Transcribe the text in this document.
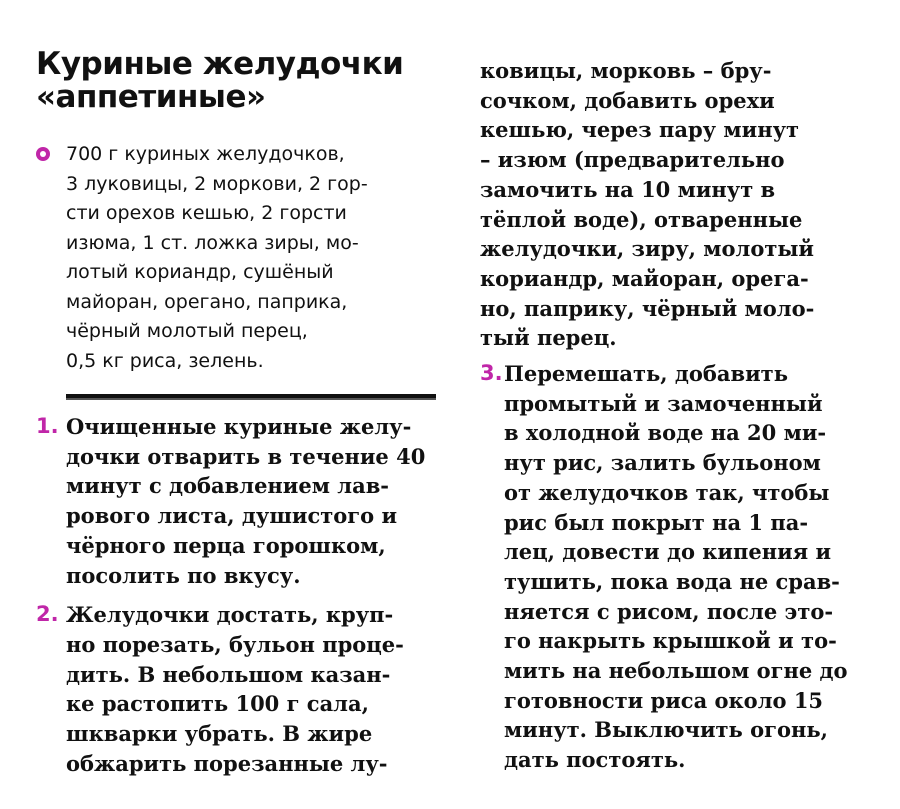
Куриные желудочки
«аппетиные»
700 г куриных желудочков,
3 луковицы, 2 моркови, 2 гор-
сти орехов кешью, 2 горсти
изюма, 1 ст. ложка зиры, мо-
лотый кориандр, сушёный
майоран, орегано, паприка,
чёрный молотый перец,
0,5 кг риса, зелень.
1. Очищенные куриные желу-
дочки отварить в течение 40
минут с добавлением лав-
рового листа, душистого и
чёрного перца горошком,
посолить по вкусу.
2. Желудочки достать, круп-
но порезать, бульон проце-
дить. В небольшом казан-
ке растопить 100 г сала,
шкварки убрать. В жире
обжарить порезанные лу-
ковицы, морковь – бру-
сочком, добавить орехи
кешью, через пару минут
– изюм (предварительно
замочить на 10 минут в
тёплой воде), отваренные
желудочки, зиру, молотый
кориандр, майоран, орега-
но, паприку, чёрный моло-
тый перец.
3. Перемешать, добавить
промытый и замоченный
в холодной воде на 20 ми-
нут рис, залить бульоном
от желудочков так, чтобы
рис был покрыт на 1 па-
лец, довести до кипения и
тушить, пока вода не срав-
няется с рисом, после это-
го накрыть крышкой и то-
мить на небольшом огне до
готовности риса около 15
минут. Выключить огонь,
дать постоять.
